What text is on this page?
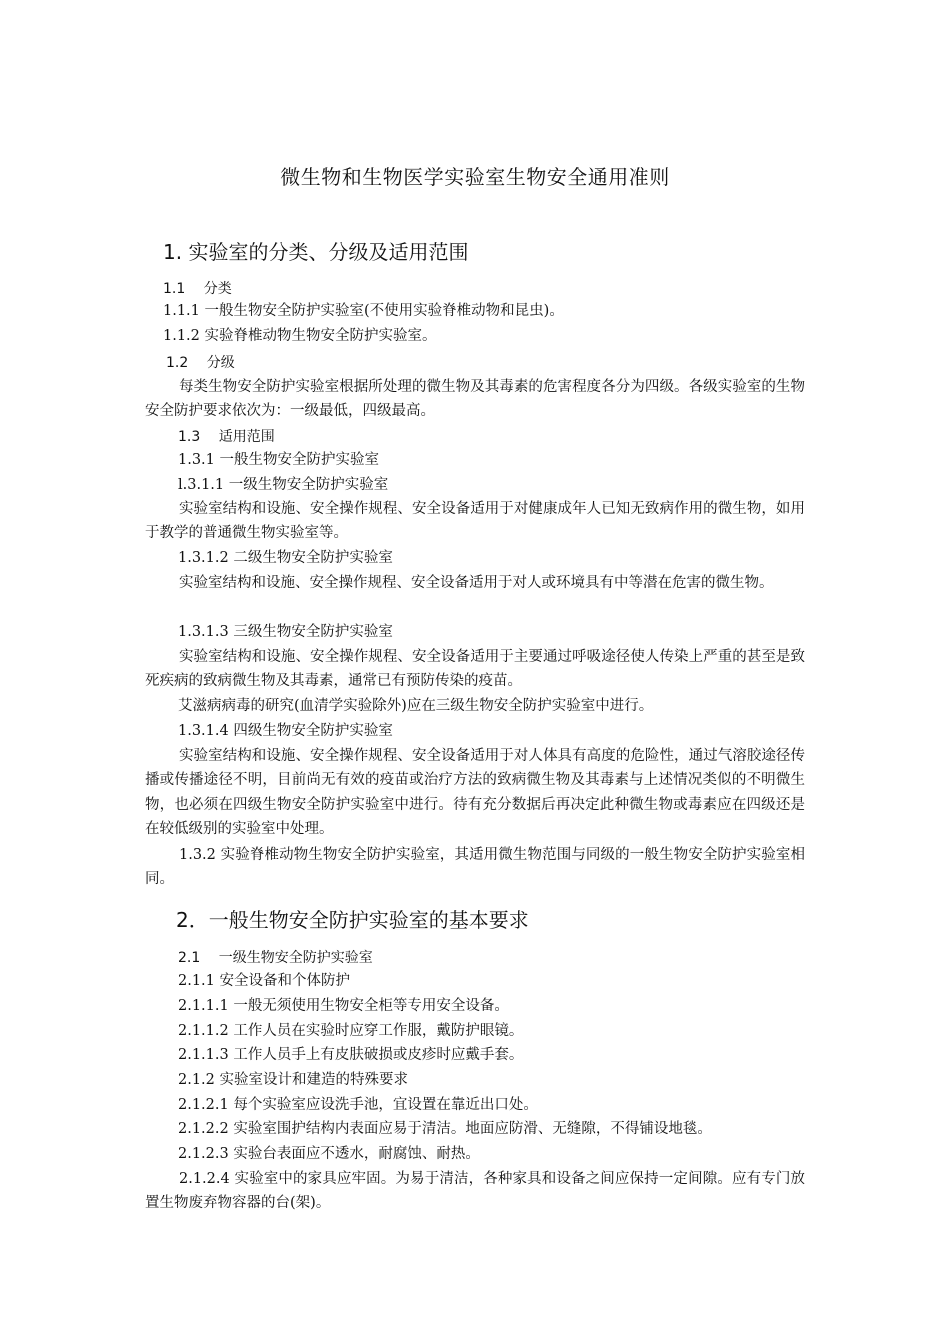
微生物和生物医学实验室生物安全通用准则
1. 实验室的分类、分级及适用范围
1.1　 分类
1.1.1 一般生物安全防护实验室(不使用实验脊椎动物和昆虫)。
1.1.2 实验脊椎动物生物安全防护实验室。
1.2　 分级
每类生物安全防护实验室根据所处理的微生物及其毒素的危害程度各分为四级。各级实验室的生物安全防护要求依次为：一级最低，四级最高。
1.3　 适用范围
1.3.1 一般生物安全防护实验室
l.3.1.1 一级生物安全防护实验室
实验室结构和设施、安全操作规程、安全设备适用于对健康成年人已知无致病作用的微生物，如用于教学的普通微生物实验室等。
1.3.1.2 二级生物安全防护实验室
实验室结构和设施、安全操作规程、安全设备适用于对人或环境具有中等潜在危害的微生物。
1.3.1.3 三级生物安全防护实验室
实验室结构和设施、安全操作规程、安全设备适用于主要通过呼吸途径使人传染上严重的甚至是致死疾病的致病微生物及其毒素，通常已有预防传染的疫苗。
艾滋病病毒的研究(血清学实验除外)应在三级生物安全防护实验室中进行。
1.3.1.4 四级生物安全防护实验室
实验室结构和设施、安全操作规程、安全设备适用于对人体具有高度的危险性，通过气溶胶途径传播或传播途径不明，目前尚无有效的疫苗或治疗方法的致病微生物及其毒素与上述情况类似的不明微生物，也必须在四级生物安全防护实验室中进行。待有充分数据后再决定此种微生物或毒素应在四级还是在较低级别的实验室中处理。
1.3.2 实验脊椎动物生物安全防护实验室，其适用微生物范围与同级的一般生物安全防护实验室相同。
2．一般生物安全防护实验室的基本要求
2.1　 一级生物安全防护实验室
2.1.1 安全设备和个体防护
2.1.1.1 一般无须使用生物安全柜等专用安全设备。
2.1.1.2 工作人员在实验时应穿工作服，戴防护眼镜。
2.1.1.3 工作人员手上有皮肤破损或皮疹时应戴手套。
2.1.2 实验室设计和建造的特殊要求
2.1.2.1 每个实验室应设洗手池，宜设置在靠近出口处。
2.1.2.2 实验室围护结构内表面应易于清洁。地面应防滑、无缝隙，不得铺设地毯。
2.1.2.3 实验台表面应不透水，耐腐蚀、耐热。
2.1.2.4 实验室中的家具应牢固。为易于清洁，各种家具和设备之间应保持一定间隙。应有专门放置生物废弃物容器的台(架)。
